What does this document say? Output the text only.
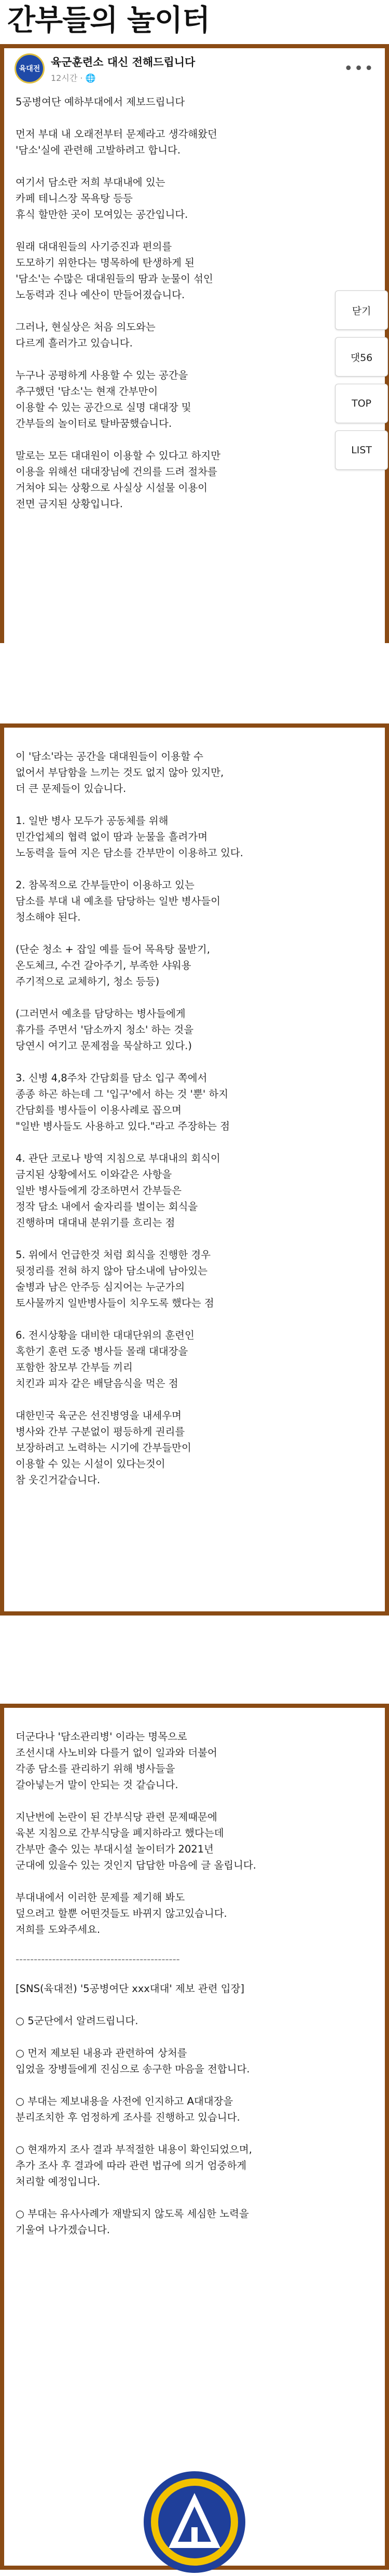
간부들의 놀이터
육대전
육군훈련소 대신 전해드립니다
12시간 · 🌐
•••
5공병여단 예하부대에서 제보드립니다

먼저 부대 내 오래전부터 문제라고 생각해왔던
'담소'실에 관련해 고발하려고 합니다.

여기서 담소란 저희 부대내에 있는
카페 테니스장 목욕탕 등등
휴식 할만한 곳이 모여있는 공간입니다.

원래 대대원들의 사기증진과 편의를
도모하기 위한다는 명목하에 탄생하게 된
'담소'는 수많은 대대원들의 땀과 눈물이 섞인
노동력과 진나 예산이 만들어졌습니다.

그러나, 현실상은 처음 의도와는
다르게 흘러가고 있습니다.

누구나 공평하게 사용할 수 있는 공간을
추구했던 '담소'는 현재 간부만이
이용할 수 있는 공간으로 실명 대대장 및
간부들의 놀이터로 탈바꿈했습니다.

말로는 모든 대대원이 이용할 수 있다고 하지만
이용을 위해선 대대장님에 건의를 드려 절차를
거쳐야 되는 상황으로 사실상 시설물 이용이
전면 금지된 상황입니다.
닫기
댓56
TOP
LIST
이 '담소'라는 공간을 대대원들이 이용할 수
없어서 부담함을 느끼는 것도 없지 않아 있지만,
더 큰 문제들이 있습니다.

1. 일반 병사 모두가 공동체를 위해
민간업체의 협력 없이 땀과 눈물을 흘려가며
노동력을 들여 지은 담소를 간부만이 이용하고 있다.

2. 참목적으로 간부들만이 이용하고 있는
담소를 부대 내 예초를 담당하는 일반 병사들이
청소해야 된다.

(단순 청소 + 잡일 예를 들어 목욕탕 물받기,
온도체크, 수건 갈아주기, 부족한 샤워용
주기적으로 교체하기, 청소 등등)

(그러면서 예초를 담당하는 병사들에게
휴가를 주면서 '담소까지 청소' 하는 것을
당연시 여기고 문제점을 묵살하고 있다.)

3. 신병 4,8주차 간담회를 담소 입구 쪽에서
종종 하곤 하는데 그 '입구'에서 하는 것 '뿐' 하지
간담회를 병사들이 이용사례로 꼽으며
"일반 병사들도 사용하고 있다."라고 주장하는 점

4. 관단 코로나 방역 지침으로 부대내의 회식이
금지된 상황에서도 이와같은 사항을
일반 병사들에게 강조하면서 간부들은
정작 담소 내에서 술자리를 벌이는 회식을
진행하며 대대내 분위기를 흐리는 점

5. 위에서 언급한것 처럼 회식을 진행한 경우
뒷정리를 전혀 하지 않아 담소내에 남아있는
술병과 남은 안주등 심지어는 누군가의
토사물까지 일반병사들이 치우도록 했다는 점

6. 전시상황을 대비한 대대단위의 훈련인
혹한기 훈련 도중 병사들 몰래 대대장을
포함한 참모부 간부들 끼리
치킨과 피자 같은 배달음식을 먹은 점

대한민국 육군은 선진병영을 내세우며
병사와 간부 구분없이 평등하게 권리를
보장하려고 노력하는 시기에 간부들만이
이용할 수 있는 시설이 있다는것이
참 웃긴거같습니다.
더군다나 '담소관리병' 이라는 명목으로
조선시대 사노비와 다를거 없이 일과와 더불어
각종 담소를 관리하기 위해 병사들을
갈아넣는거 말이 안되는 것 같습니다.

지난번에 논란이 된 간부식당 관련 문제때문에
육본 지침으로 간부식당을 폐지하라고 했다는데
간부만 출수 있는 부대시설 놀이터가 2021년
군대에 있을수 있는 것인지 답답한 마음에 글 올립니다.

부대내에서 이러한 문제를 제기해 봐도
덮으려고 할뿐 어떤것들도 바뀌지 않고있습니다.
저희를 도와주세요.
---------------------------------------------
[SNS(육대전) '5공병여단 xxx대대' 제보 관련 입장]

○ 5군단에서 알려드립니다.

○ 먼저 제보된 내용과 관련하여 상처를
입었을 장병들에게 진심으로 송구한 마음을 전합니다.

○ 부대는 제보내용을 사전에 인지하고 A대대장을
분리조치한 후 엄정하게 조사를 진행하고 있습니다.

○ 현재까지 조사 결과 부적절한 내용이 확인되었으며,
추가 조사 후 결과에 따라 관련 법규에 의거 엄중하게
처리할 예정입니다.

○ 부대는 유사사례가 재발되지 않도록 세심한 노력을
기울여 나가겠습니다.
